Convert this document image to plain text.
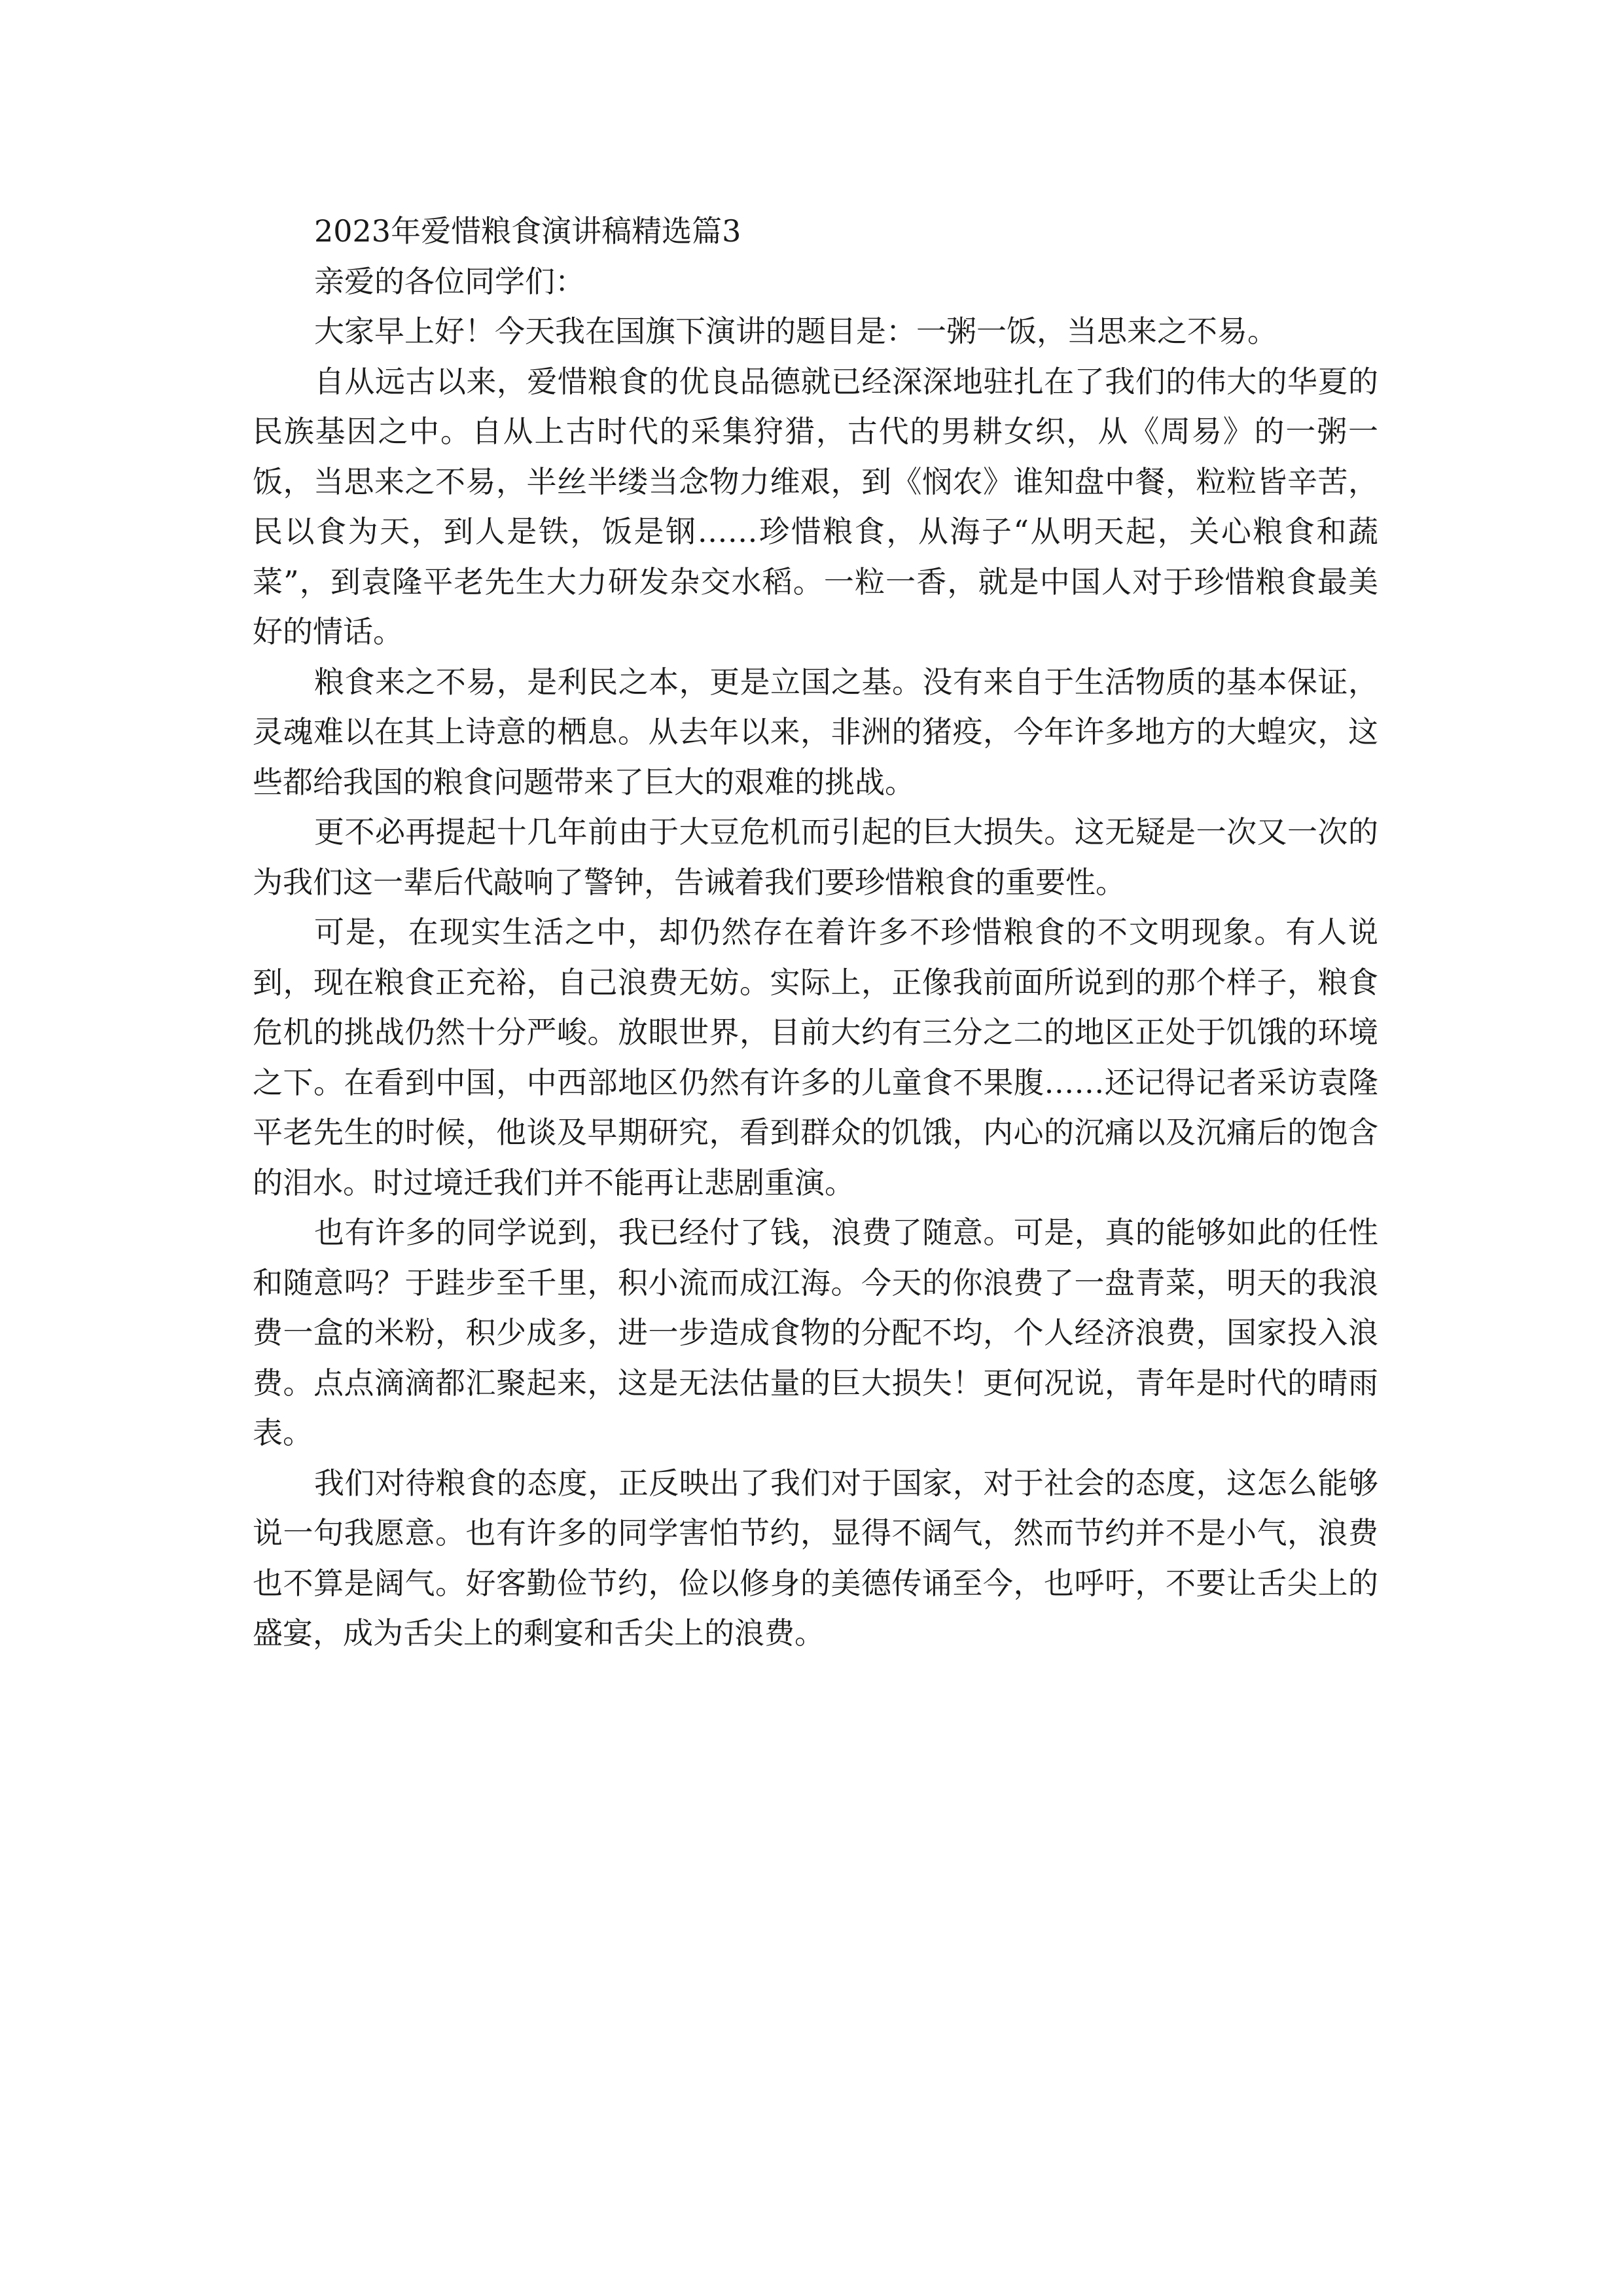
2023年爱惜粮食演讲稿精选篇3

亲爱的各位同学们：

大家早上好！今天我在国旗下演讲的题目是：一粥一饭，当思来之不易。

自从远古以来，爱惜粮食的优良品德就已经深深地驻扎在了我们的伟大的华夏的民族基因之中。自从上古时代的采集狩猎，古代的男耕女织，从《周易》的一粥一饭，当思来之不易，半丝半缕当念物力维艰，到《悯农》谁知盘中餐，粒粒皆辛苦，民以食为天，到人是铁，饭是钢……珍惜粮食，从海子“从明天起，关心粮食和蔬菜”，到袁隆平老先生大力研发杂交水稻。一粒一香，就是中国人对于珍惜粮食最美好的情话。

粮食来之不易，是利民之本，更是立国之基。没有来自于生活物质的基本保证，灵魂难以在其上诗意的栖息。从去年以来，非洲的猪疫，今年许多地方的大蝗灾，这些都给我国的粮食问题带来了巨大的艰难的挑战。

更不必再提起十几年前由于大豆危机而引起的巨大损失。这无疑是一次又一次的为我们这一辈后代敲响了警钟，告诫着我们要珍惜粮食的重要性。

可是，在现实生活之中，却仍然存在着许多不珍惜粮食的不文明现象。有人说到，现在粮食正充裕，自己浪费无妨。实际上，正像我前面所说到的那个样子，粮食危机的挑战仍然十分严峻。放眼世界，目前大约有三分之二的地区正处于饥饿的环境之下。在看到中国，中西部地区仍然有许多的儿童食不果腹……还记得记者采访袁隆平老先生的时候，他谈及早期研究，看到群众的饥饿，内心的沉痛以及沉痛后的饱含的泪水。时过境迁我们并不能再让悲剧重演。

也有许多的同学说到，我已经付了钱，浪费了随意。可是，真的能够如此的任性和随意吗？于跬步至千里，积小流而成江海。今天的你浪费了一盘青菜，明天的我浪费一盒的米粉，积少成多，进一步造成食物的分配不均，个人经济浪费，国家投入浪费。点点滴滴都汇聚起来，这是无法估量的巨大损失！更何况说，青年是时代的晴雨表。

我们对待粮食的态度，正反映出了我们对于国家，对于社会的态度，这怎么能够说一句我愿意。也有许多的同学害怕节约，显得不阔气，然而节约并不是小气，浪费也不算是阔气。好客勤俭节约，俭以修身的美德传诵至今，也呼吁，不要让舌尖上的盛宴，成为舌尖上的剩宴和舌尖上的浪费。
